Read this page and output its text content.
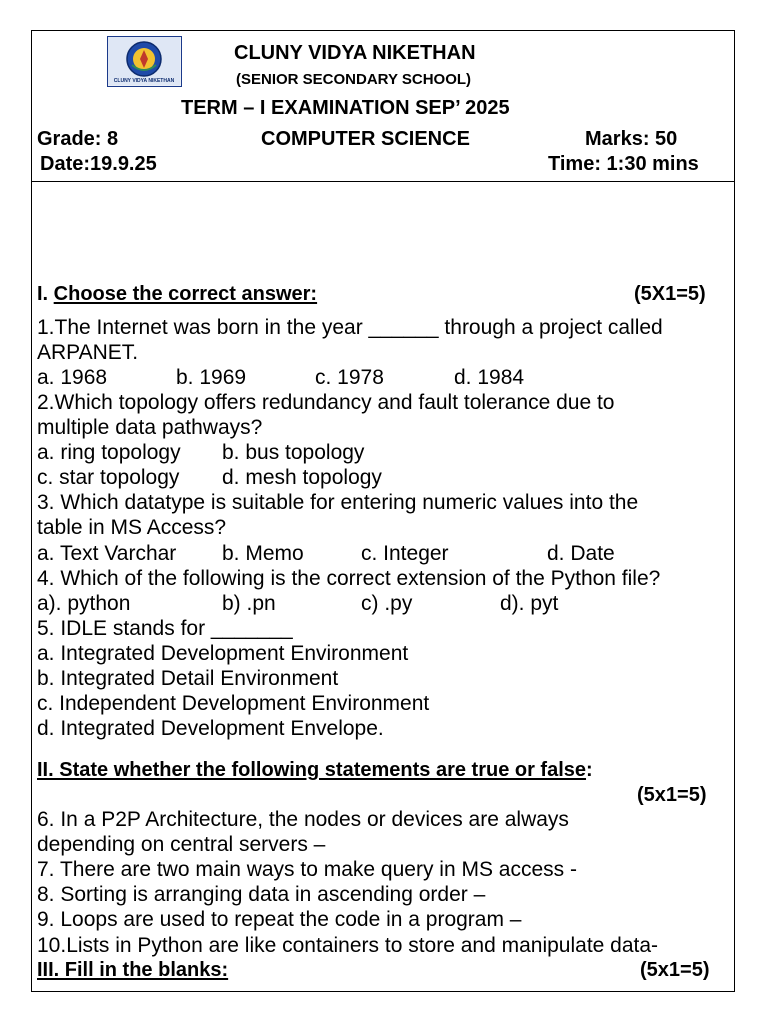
CLUNY VIDYA NIKETHAN
CLUNY VIDYA NIKETHAN
(SENIOR SECONDARY SCHOOL)
TERM – I EXAMINATION SEP’ 2025
Grade: 8	COMPUTER SCIENCE	Marks: 50
Date:19.9.25	Time: 1:30 mins
I. Choose the correct answer:	(5X1=5)
1.The Internet was born in the year ______ through a project called
ARPANET.
a. 1968	b. 1969	c. 1978	d. 1984
2.Which topology offers redundancy and fault tolerance due to
multiple data pathways?
a. ring topology b. bus topology
c. star topology d. mesh topology
3. Which datatype is suitable for entering numeric values into the
table in MS Access?
a. Text Varchar b. Memo	c. Integer	d. Date
4. Which of the following is the correct extension of the Python file?
a). python	b) .pn	c) .py	d). pyt
5. IDLE stands for _______
a. Integrated Development Environment
b. Integrated Detail Environment
c. Independent Development Environment
d. Integrated Development Envelope.
II. State whether the following statements are true or false:
(5x1=5)
6. In a P2P Architecture, the nodes or devices are always
depending on central servers –
7. There are two main ways to make query in MS access -
8. Sorting is arranging data in ascending order –
9. Loops are used to repeat the code in a program –
10.Lists in Python are like containers to store and manipulate data-
III. Fill in the blanks:	(5x1=5)
